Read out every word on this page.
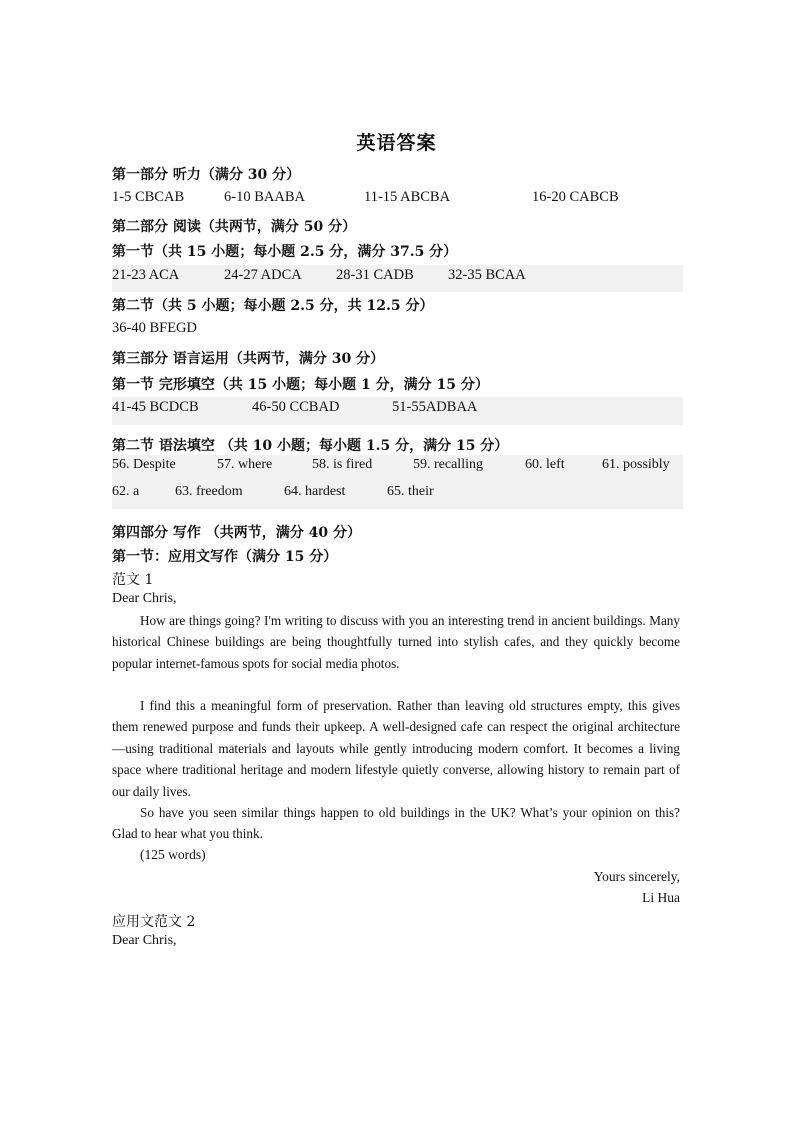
英语答案
第一部分 听力（满分 30 分）
1-5 CBCAB	6-10 BAABA	11-15 ABCBA	16-20 CABCB
第二部分 阅读（共两节，满分 50 分）
第一节（共 15 小题；每小题 2.5 分，满分 37.5 分）
21-23 ACA	24-27 ADCA 28-31 CADB 32-35 BCAA
第二节（共 5 小题；每小题 2.5 分，共 12.5 分）
36-40 BFEGD
第三部分 语言运用（共两节，满分 30 分）
第一节 完形填空（共 15 小题；每小题 1 分，满分 15 分）
41-45 BCDCB	46-50 CCBAD	51-55ADBAA
第二节 语法填空 （共 10 小题；每小题 1.5 分，满分 15 分）
56. Despite	57. where	58. is fired	59. recalling	60. left	61. possibly
62. a	63. freedom	64. hardest	65. their
第四部分 写作 （共两节，满分 40 分）
第一节：应用文写作（满分 15 分）
范文 1
Dear Chris,
How are things going? I'm writing to discuss with you an interesting trend in ancient buildings. Many historical Chinese buildings are being thoughtfully turned into stylish cafes, and they quickly become popular internet-famous spots for social media photos.
I find this a meaningful form of preservation. Rather than leaving old structures empty, this gives them renewed purpose and funds their upkeep. A well-designed cafe can respect the original architecture —using traditional materials and layouts while gently introducing modern comfort. It becomes a living space where traditional heritage and modern lifestyle quietly converse, allowing history to remain part of our daily lives.
So have you seen similar things happen to old buildings in the UK? What’s your opinion on this? Glad to hear what you think.
(125 words)
Yours sincerely,
Li Hua
应用文范文 2
Dear Chris,
